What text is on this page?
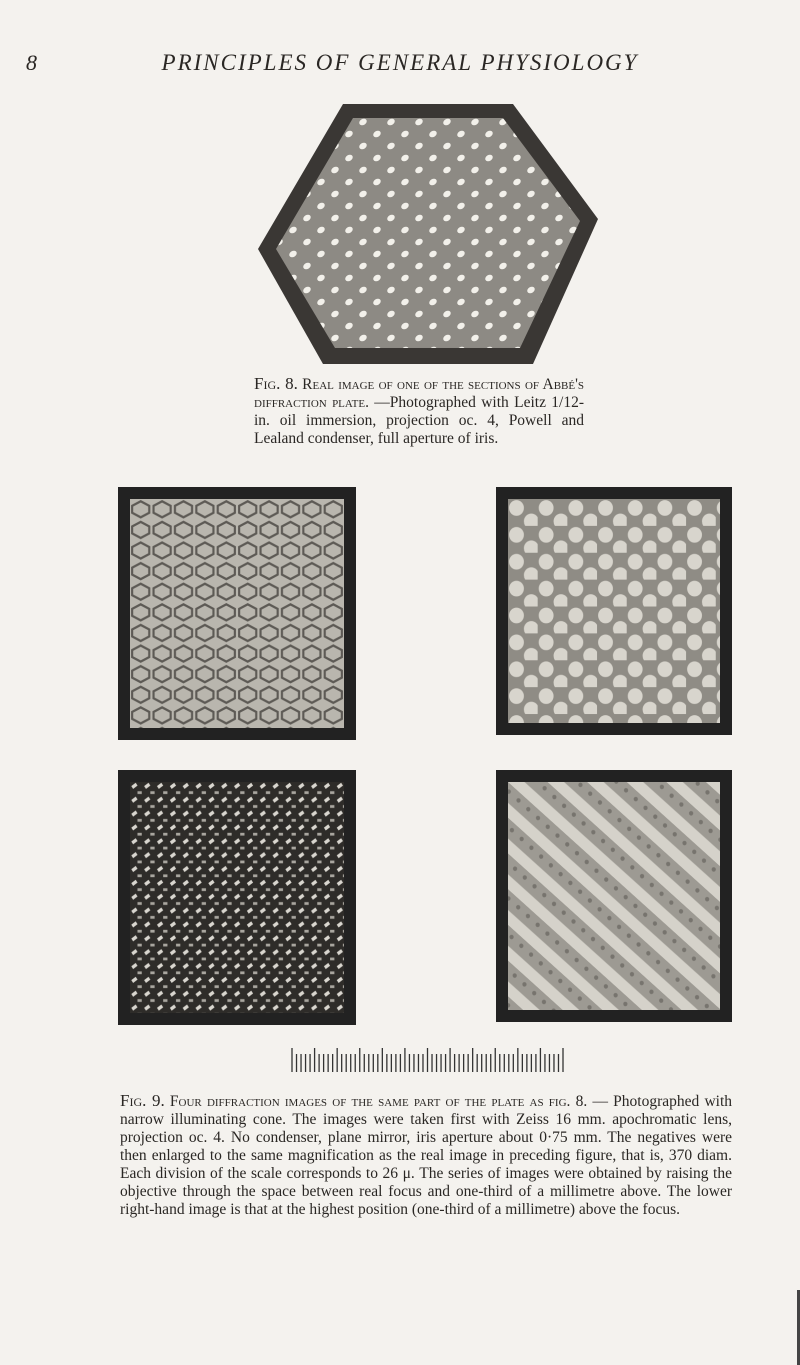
8	PRINCIPLES OF GENERAL PHYSIOLOGY
Fig. 8. Real image of one of the sections of Abbé's diffraction plate. —Photographed with Leitz 1/12-in. oil immersion, projection oc. 4, Powell and Lealand condenser, full aperture of iris.
Fig. 9. Four diffraction images of the same part of the plate as fig. 8. — Photographed with narrow illuminating cone. The images were taken first with Zeiss 16 mm. apochromatic lens, projection oc. 4. No condenser, plane mirror, iris aperture about 0·75 mm. The negatives were then enlarged to the same magnification as the real image in preceding figure, that is, 370 diam. Each division of the scale corresponds to 26 μ. The series of images were obtained by raising the objective through the space between real focus and one-third of a millimetre above. The lower right-hand image is that at the highest position (one-third of a millimetre) above the focus.
